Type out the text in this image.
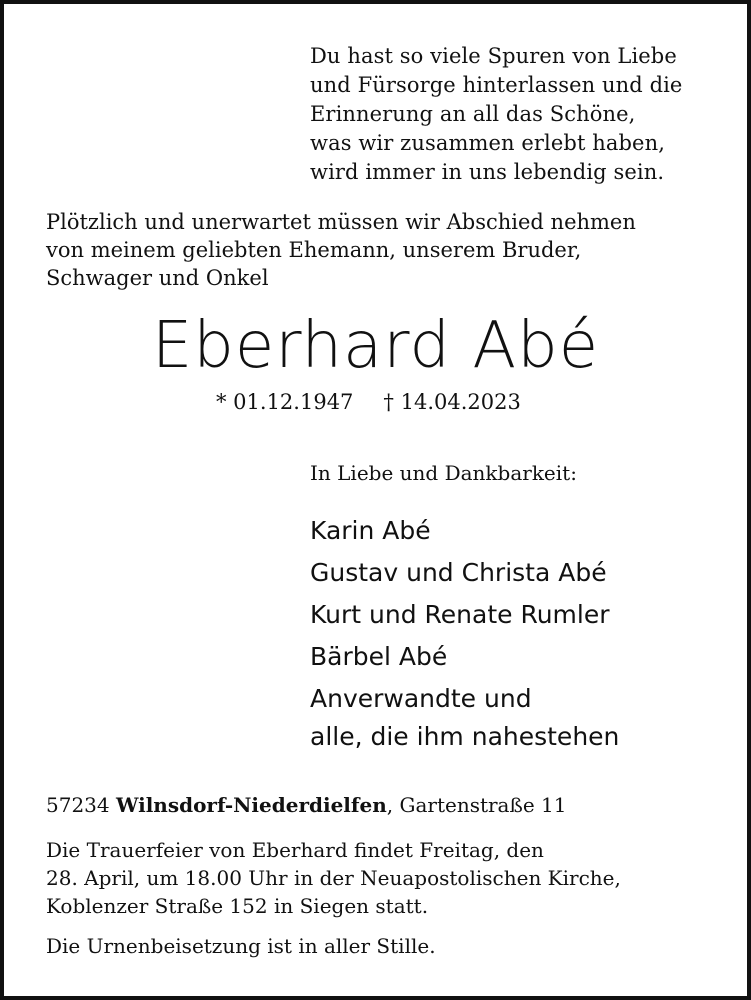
Du hast so viele Spuren von Liebe
und Fürsorge hinterlassen und die
Erinnerung an all das Schöne,
was wir zusammen erlebt haben,
wird immer in uns lebendig sein.
Plötzlich und unerwartet müssen wir Abschied nehmen
von meinem geliebten Ehemann, unserem Bruder,
Schwager und Onkel
Eberhard Abé
* 01.12.1947 † 14.04.2023
In Liebe und Dankbarkeit:
Karin Abé
Gustav und Christa Abé
Kurt und Renate Rumler
Bärbel Abé
Anverwandte und
alle, die ihm nahestehen
57234 Wilnsdorf-Niederdielfen, Gartenstraße 11
Die Trauerfeier von Eberhard findet Freitag, den
28. April, um 18.00 Uhr in der Neuapostolischen Kirche,
Koblenzer Straße 152 in Siegen statt.
Die Urnenbeisetzung ist in aller Stille.
